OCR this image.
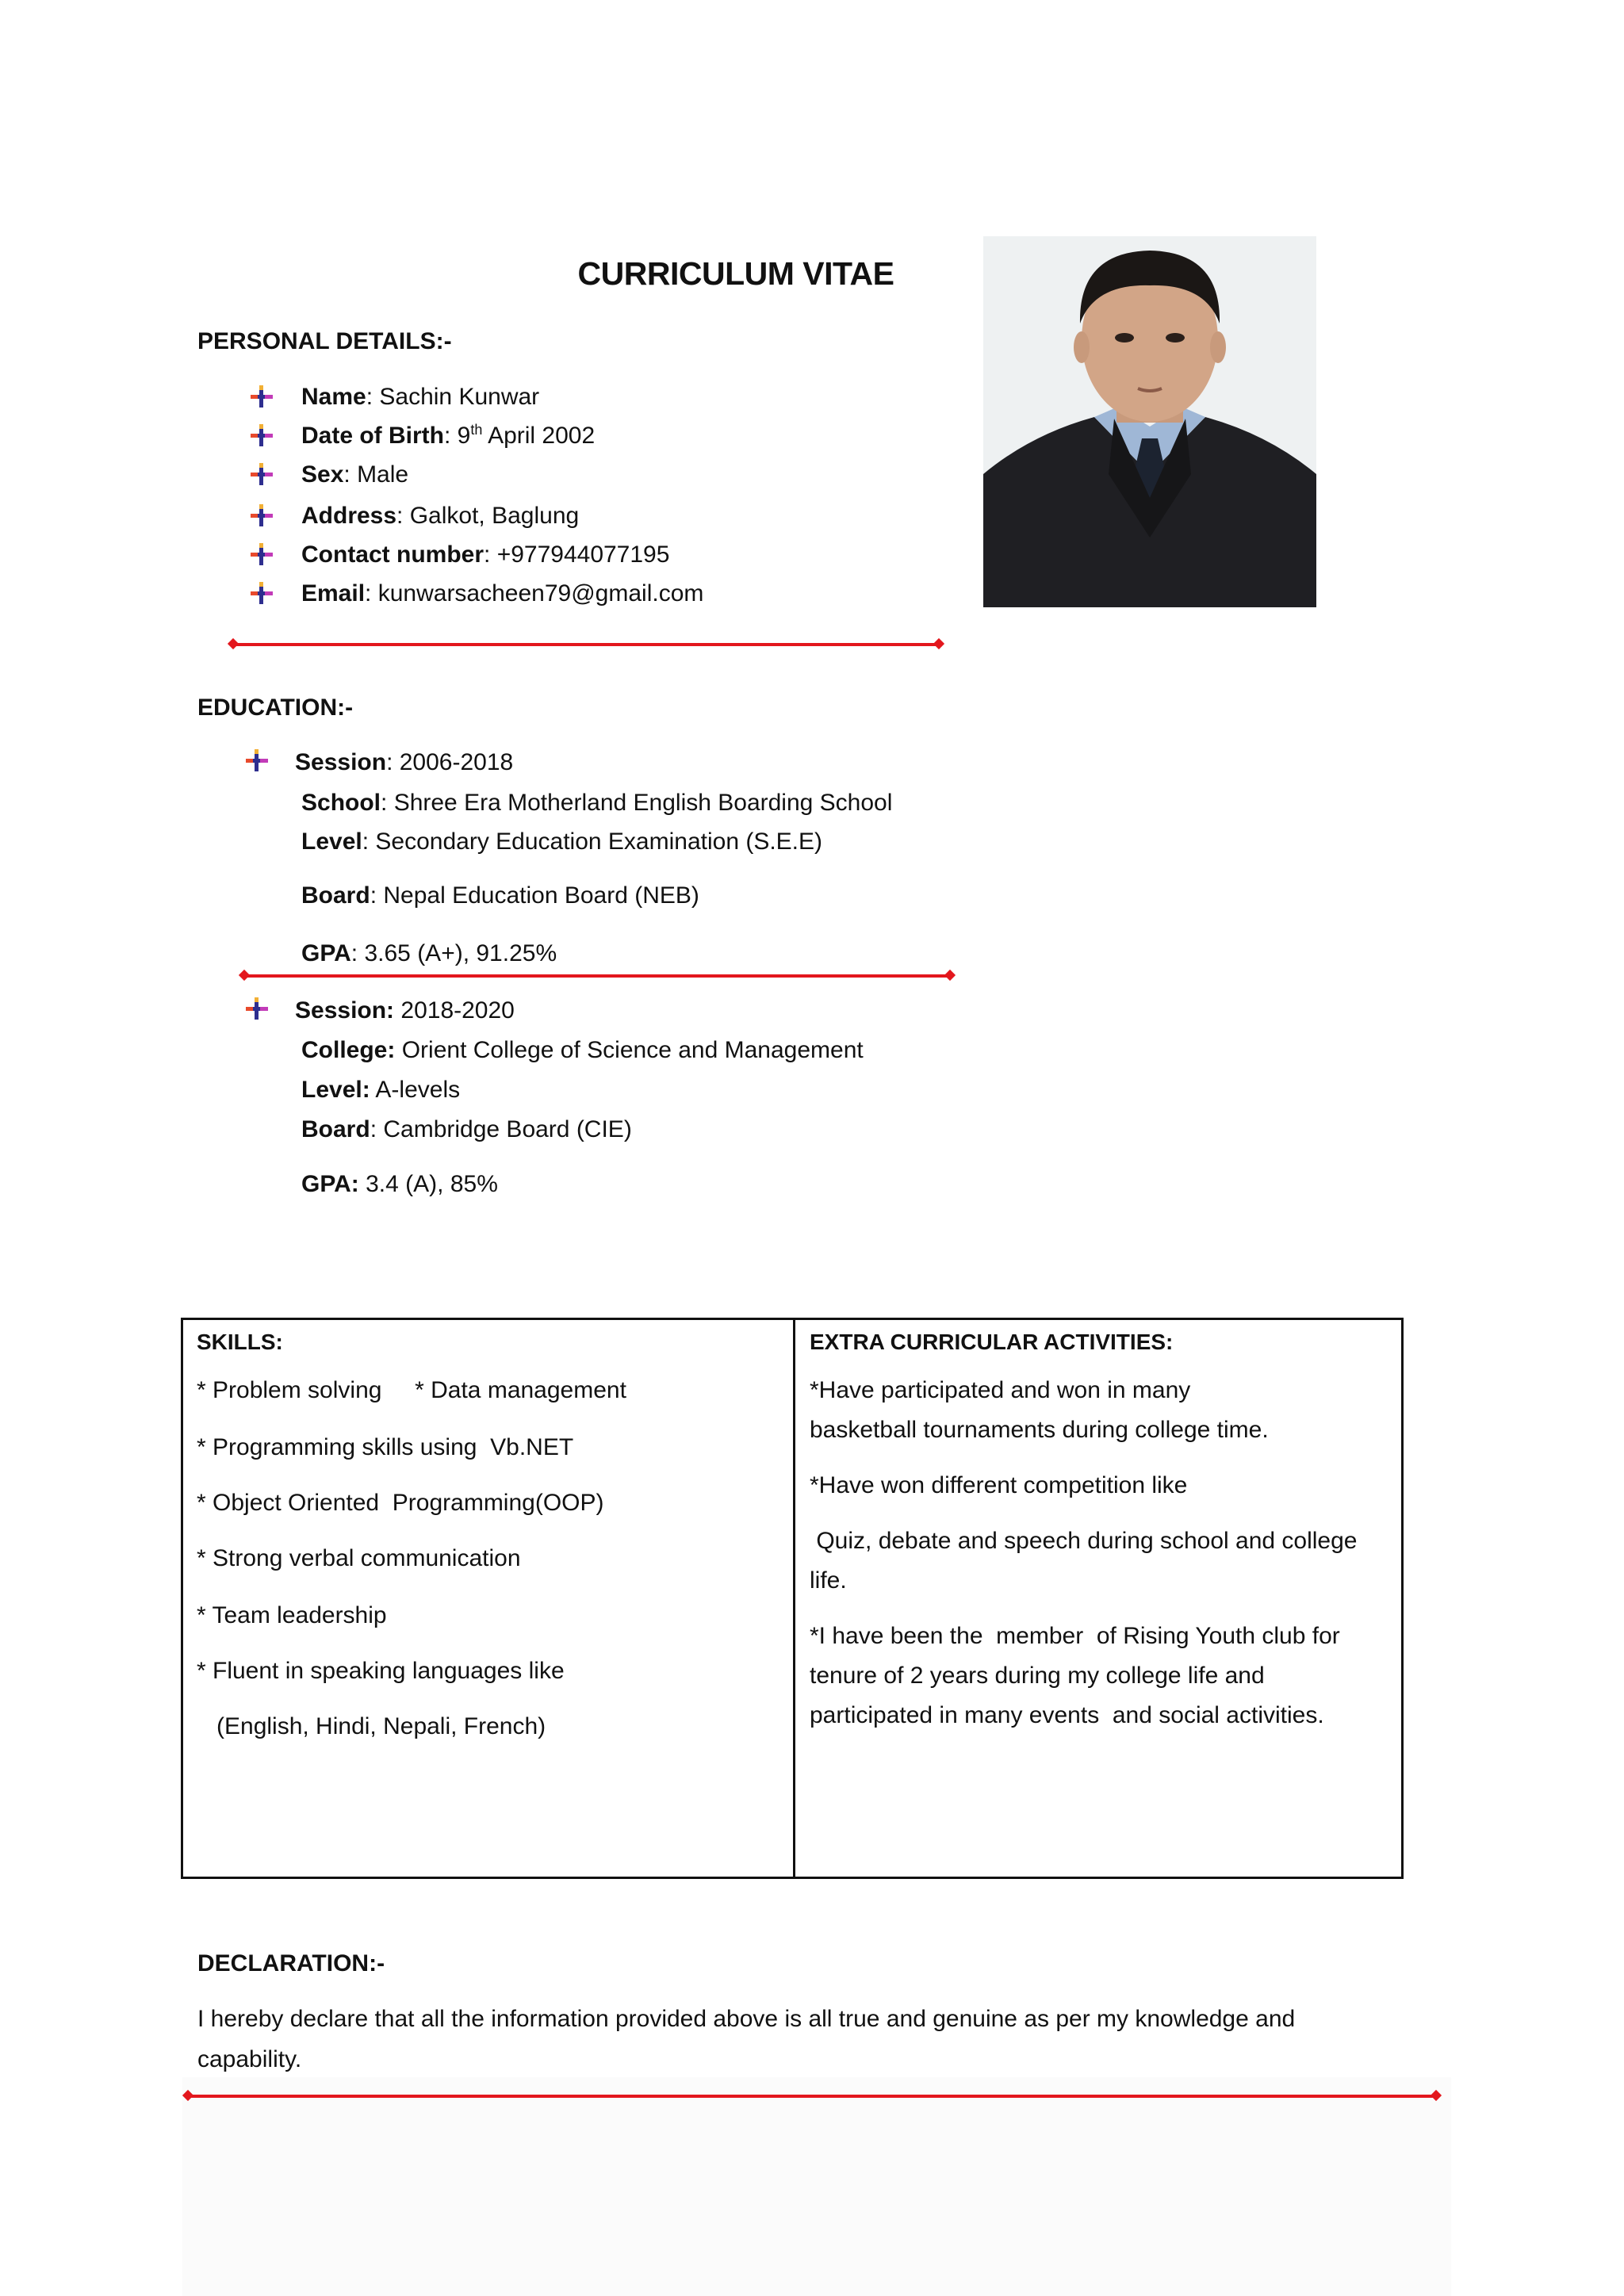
CURRICULUM VITAE
PERSONAL DETAILS:-
Name: Sachin Kunwar
Date of Birth: 9th April 2002
Sex: Male
Address: Galkot, Baglung
Contact number: +977944077195
Email: kunwarsacheen79@gmail.com
EDUCATION:-
Session: 2006-2018
School: Shree Era Motherland English Boarding School
Level: Secondary Education Examination (S.E.E)
Board: Nepal Education Board (NEB)
GPA: 3.65 (A+), 91.25%
Session: 2018-2020
College: Orient College of Science and Management
Level: A-levels
Board: Cambridge Board (CIE)
GPA: 3.4 (A), 85%
SKILLS:
* Problem solving     * Data management
* Programming skills using  Vb.NET
* Object Oriented  Programming(OOP)
* Strong verbal communication
* Team leadership
* Fluent in speaking languages like
(English, Hindi, Nepali, French)
EXTRA CURRICULAR ACTIVITIES:
*Have participated and won in many
basketball tournaments during college time.
*Have won different competition like
Quiz, debate and speech during school and college
life.
*I have been the  member  of Rising Youth club for
tenure of 2 years during my college life and
participated in many events  and social activities.
DECLARATION:-
I hereby declare that all the information provided above is all true and genuine as per my knowledge and
capability.
